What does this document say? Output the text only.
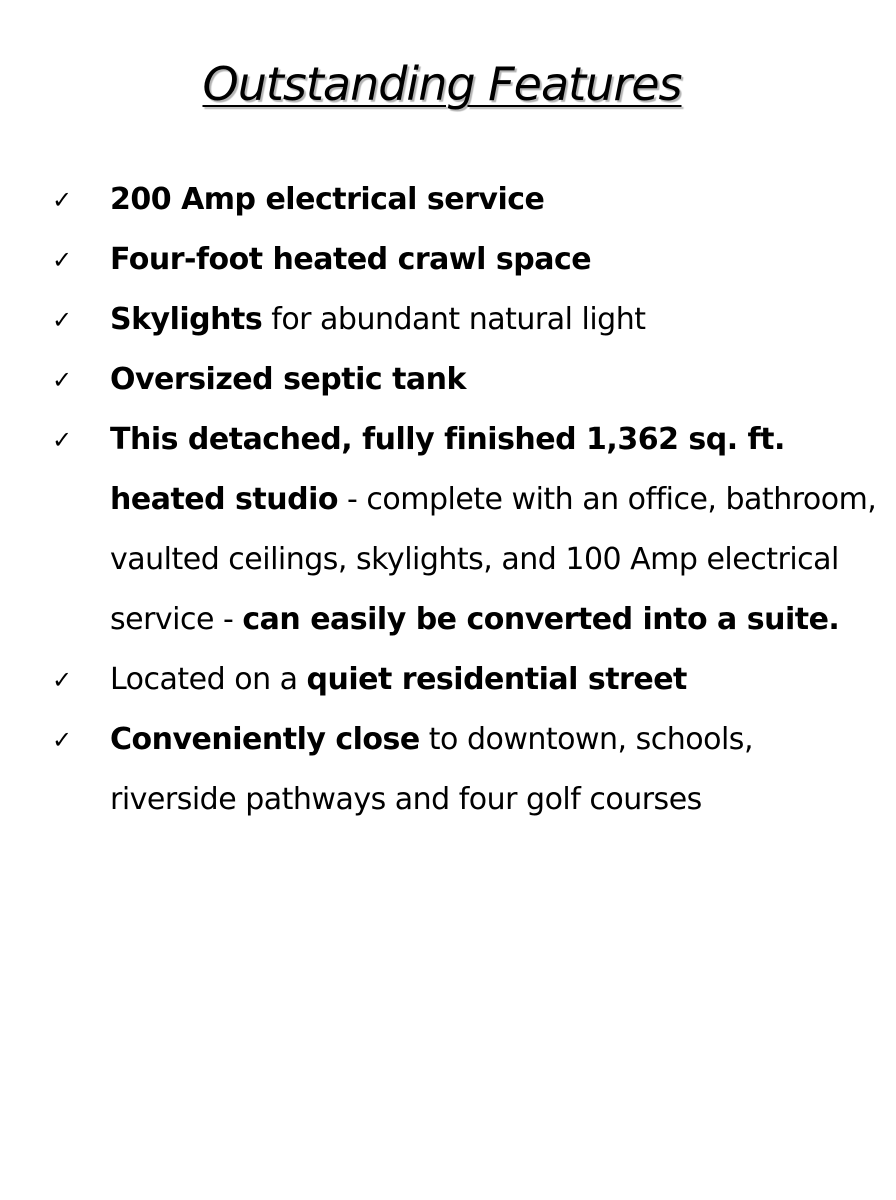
Outstanding Features
✓ 200 Amp electrical service
✓ Four-foot heated crawl space
✓ Skylights for abundant natural light
✓ Oversized septic tank
✓ This detached, fully finished 1,362 sq. ft.
heated studio - complete with an office, bathroom,
vaulted ceilings, skylights, and 100 Amp electrical
service - can easily be converted into a suite.
✓ Located on a quiet residential street
✓ Conveniently close to downtown, schools,
riverside pathways and four golf courses
